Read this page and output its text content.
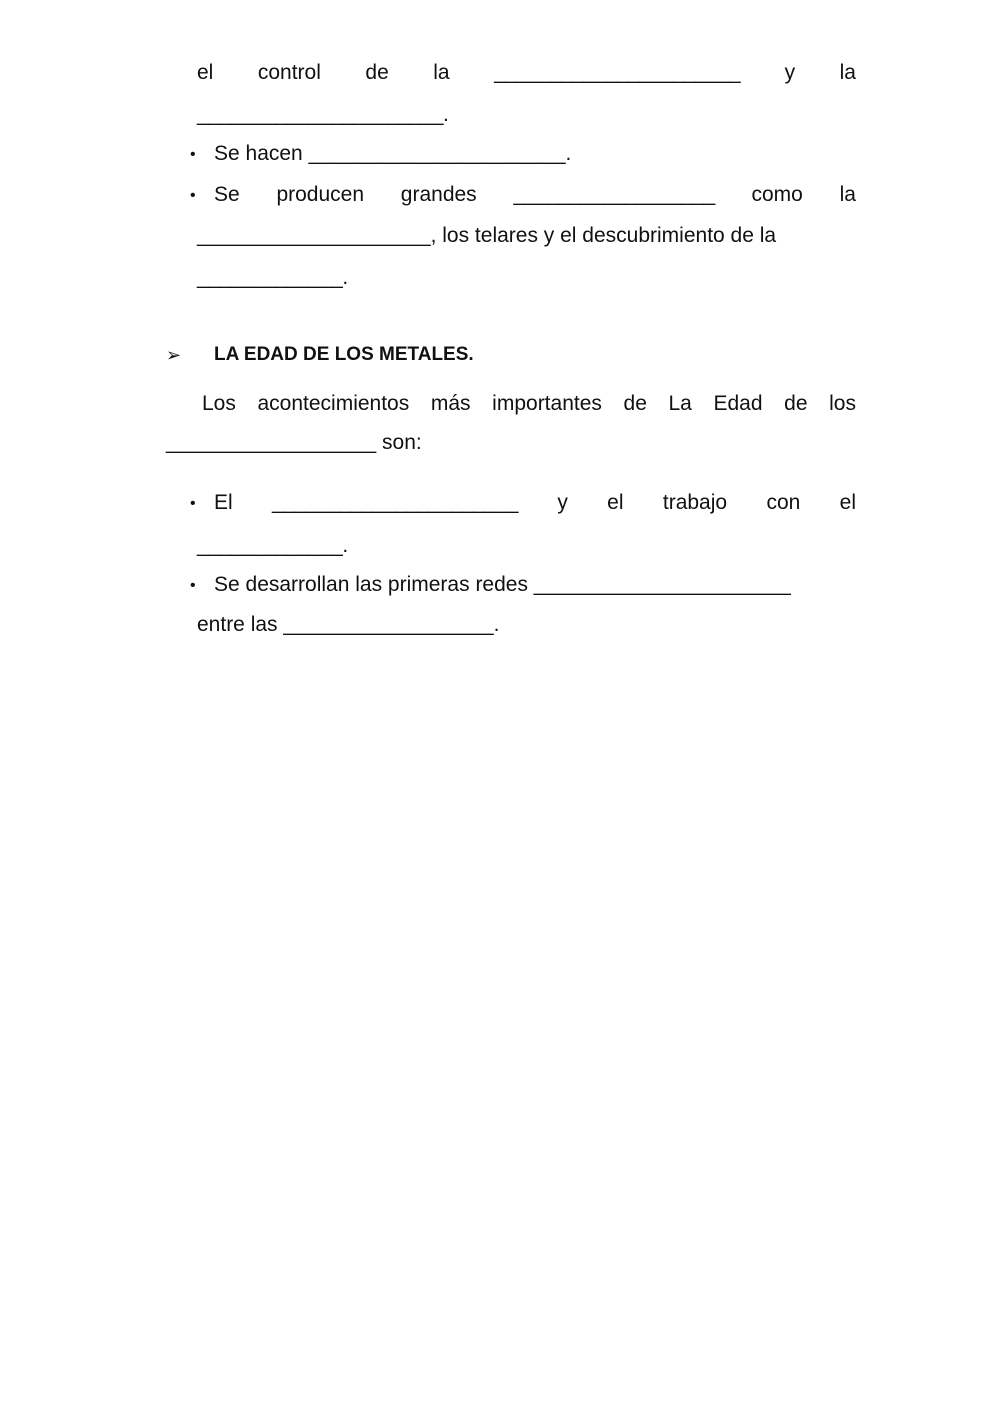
el control de la ______________________ y la
______________________.
• Se hacen ______________________.
• Se producen grandes __________________ como la
____________________, los telares y el descubrimiento de la
_____________.
➢ LA EDAD DE LOS METALES.
Los acontecimientos más importantes de La Edad de los
__________________ son:
• El ______________________ y el trabajo con el
_____________.
• Se desarrollan las primeras redes ______________________
entre las __________________.
